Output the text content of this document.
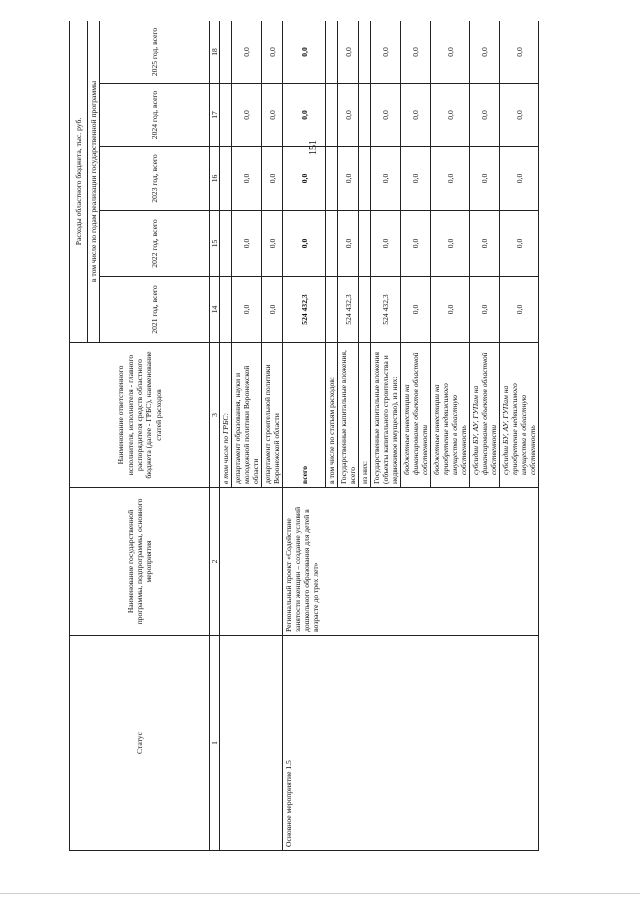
151
Статус	Наименование государственной программы, подпрограммы, основного мероприятия	Наименование ответственного исполнителя, исполнителя - главного распорядителя средств областного бюджета (далее - ГРБС), наименование статей расходов	Расходы областного бюджета, тыс. руб.				
			в том числе по годам реализации государственной программы				
			2021 год, всего	2022 год, всего	2023 год, всего	2024 год, всего	2025 год, всего
1	2	3	14	15	16	17	18
		в том числе по ГРБС:					
		департамент образования, науки и молодежной политики Воронежской области	0,0	0,0	0,0	0,0	0,0
		департамент строительной политики Воронежской области	0,0	0,0	0,0	0,0	0,0
Основное мероприятие 1.5	Региональный проект «Содействие занятости женщин – создание условий дошкольного образования для детей в возрасте до трех лет»	всего	524 432,3	0,0	0,0	0,0	0,0
		в том числе по статьям расходов:					
		Государственные капитальные вложения, всего	524 432,3	0,0	0,0	0,0	0,0
		из них:					
		Государственные капитальные вложения (объекты капитального строительства и недвижимое имущество), из них:	524 432,3	0,0	0,0	0,0	0,0
		бюджетные инвестиции на финансирование объектов областной собственности	0,0	0,0	0,0	0,0	0,0
		бюджетные инвестиции на приобретение недвижимого имущества в областную собственность	0,0	0,0	0,0	0,0	0,0
		субсидии БУ, АУ, ГУПам на финансирование объектов областной собственности	0,0	0,0	0,0	0,0	0,0
		субсидии БУ, АУ, ГУПам на приобретение недвижимого имущества в областную собственность	0,0	0,0	0,0	0,0	0,0
